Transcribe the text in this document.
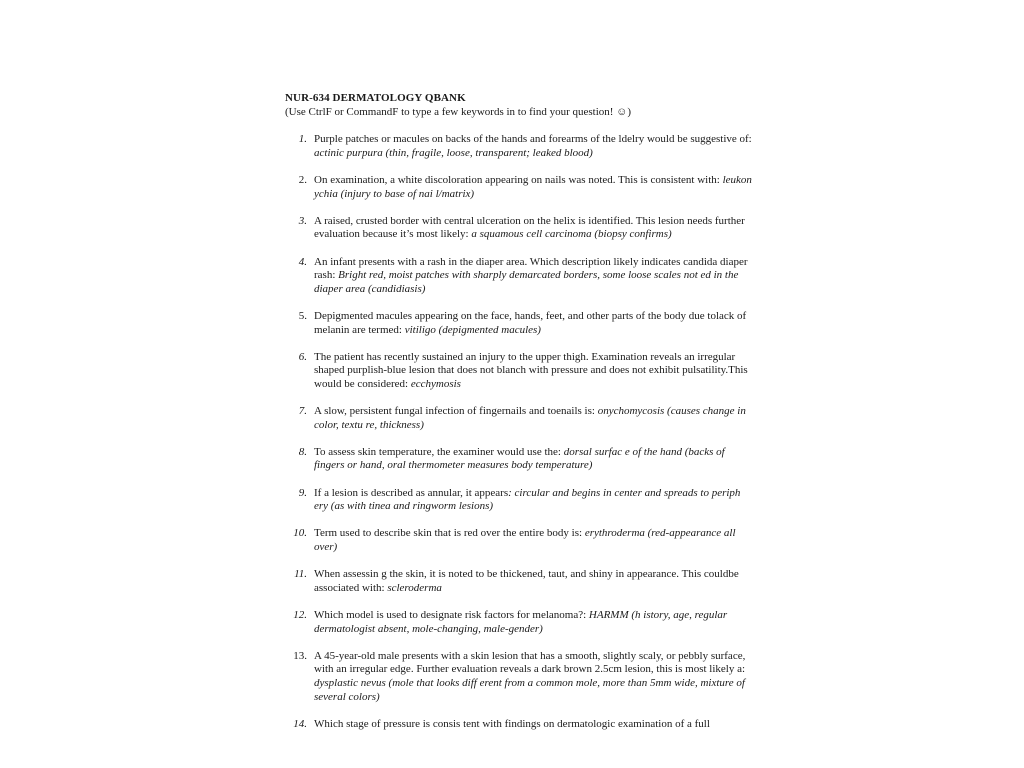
NUR-634 DERMATOLOGY QBANK
(Use CtrlF or CommandF to type a few keywords in to find your question! ☺)
1. Purple patches or macules on backs of the hands and forearms of the ldelry would be suggestive of: actinic purpura (thin, fragile, loose, transparent; leaked blood)
2. On examination, a white discoloration appearing on nails was noted. This is consistent with: leukon ychia (injury to base of nai l/matrix)
3. A raised, crusted border with central ulceration on the helix is identified. This lesion needs further evaluation because it’s most likely: a squamous cell carcinoma (biopsy confirms)
4. An infant presents with a rash in the diaper area. Which description likely indicates candida diaper rash: Bright red, moist patches with sharply demarcated borders, some loose scales not ed in the diaper area (candidiasis)
5. Depigmented macules appearing on the face, hands, feet, and other parts of the body due tolack of melanin are termed: vitiligo (depigmented macules)
6. The patient has recently sustained an injury to the upper thigh. Examination reveals an irregular shaped purplish-blue lesion that does not blanch with pressure and does not exhibit pulsatility.This would be considered: ecchymosis
7. A slow, persistent fungal infection of fingernails and toenails is: onychomycosis (causes change in color, textu re, thickness)
8. To assess skin temperature, the examiner would use the: dorsal surfac e of the hand (backs of fingers or hand, oral thermometer measures body temperature)
9. If a lesion is described as annular, it appears: circular and begins in center and spreads to periph ery (as with tinea and ringworm lesions)
10. Term used to describe skin that is red over the entire body is: erythroderma (red-appearance all over)
11. When assessin g the skin, it is noted to be thickened, taut, and shiny in appearance. This couldbe associated with: scleroderma
12. Which model is used to designate risk factors for melanoma?: HARMM (h istory, age, regular dermatologist absent, mole-changing, male-gender)
13. A 45-year-old male presents with a skin lesion that has a smooth, slightly scaly, or pebbly surface, with an irregular edge. Further evaluation reveals a dark brown 2.5cm lesion, this is most likely a: dysplastic nevus (mole that looks diff erent from a common mole, more than 5mm wide, mixture of several colors)
14. Which stage of pressure is consis tent with findings on dermatologic examination of a full
